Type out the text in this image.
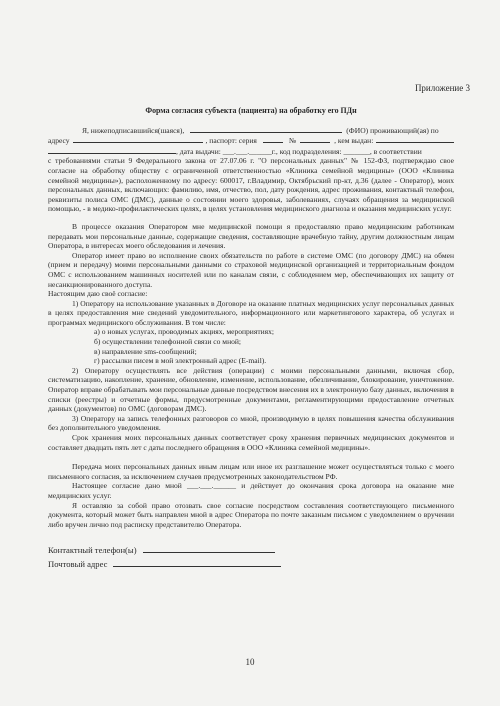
Приложение 3
Форма согласия субъекта (пациента) на обработку его ПДн
Я, нижеподписавшийся(шаяся),	(ФИО) проживающий(ая) по
адресу	, паспорт: серия	№	, кем выдан:
, дата выдачи: ___.___.______г., код подразделения: _______, в соответствии

с требованиями статьи 9 Федерального закона от 27.07.06 г. "О персональных данных" № 152-ФЗ, подтверждаю свое согласие на обработку обществу с ограниченной ответственностью «Клиника семейной медицины» (ООО «Клиника семейной медицины»), расположенному по адресу: 600017, г.Владимир, Октябрьский пр-кт, д.36 (далее - Оператор), моих персональных данных, включающих: фамилию, имя, отчество, пол, дату рождения, адрес проживания, контактный телефон, реквизиты полиса ОМС (ДМС), данные о состоянии моего здоровья, заболеваниях, случаях обращения за медицинской помощью, - в медико-профилактических целях, в целях установления медицинского диагноза и оказания медицинских услуг.

В процессе оказания Оператором мне медицинской помощи я предоставляю право медицинским работникам передавать мои персональные данные, содержащие сведения, составляющие врачебную тайну, другим должностным лицам Оператора, в интересах моего обследования и лечения.

Оператор имеет право во исполнение своих обязательств по работе в системе ОМС (по договору ДМС) на обмен (прием и передачу) моими персональными данными со страховой медицинской организацией и территориальным фондом ОМС с использованием машинных носителей или по каналам связи, с соблюдением мер, обеспечивающих их защиту от несанкционированного доступа.

Настоящим даю своё согласие:

1) Оператору на использование указанных в Договоре на оказание платных медицинских услуг персональных данных в целях предоставления мне сведений уведомительного, информационного или маркетингового характера, об услугах и программах медицинского обслуживания. В том числе:

а) о новых услугах, проводимых акциях, мероприятиях;

б) осуществлении телефонной связи со мной;

в) направление sms-сообщений;

г) рассылки писем в мой электронный адрес (E-mail).

2) Оператору осуществлять все действия (операции) с моими персональными данными, включая сбор, систематизацию, накопление, хранение, обновление, изменение, использование, обезличивание, блокирование, уничтожение. Оператор вправе обрабатывать мои персональные данные посредством внесения их в электронную базу данных, включения в списки (реестры) и отчетные формы, предусмотренные документами, регламентирующими предоставление отчетных данных (документов) по ОМС (договорам ДМС).

3) Оператору на запись телефонных разговоров со мной, производимую в целях повышения качества обслуживания без дополнительного уведомления.

Срок хранения моих персональных данных соответствует сроку хранения первичных медицинских документов и составляет двадцать пять лет с даты последнего обращения в ООО «Клиника семейной медицины».

Передача моих персональных данных иным лицам или иное их разглашение может осуществляться только с моего письменного согласия, за исключением случаев предусмотренных законодательством РФ.

Настоящее согласие дано мной ___.___.______ и действует до окончания срока договора на оказание мне медицинских услуг.

Я оставляю за собой право отозвать свое согласие посредством составления соответствующего письменного документа, который может быть направлен мной в адрес Оператора по почте заказным письмом с уведомлением о вручении либо вручен лично под расписку представителю Оператора.

Контактный телефон(ы)
Почтовый адрес
10
